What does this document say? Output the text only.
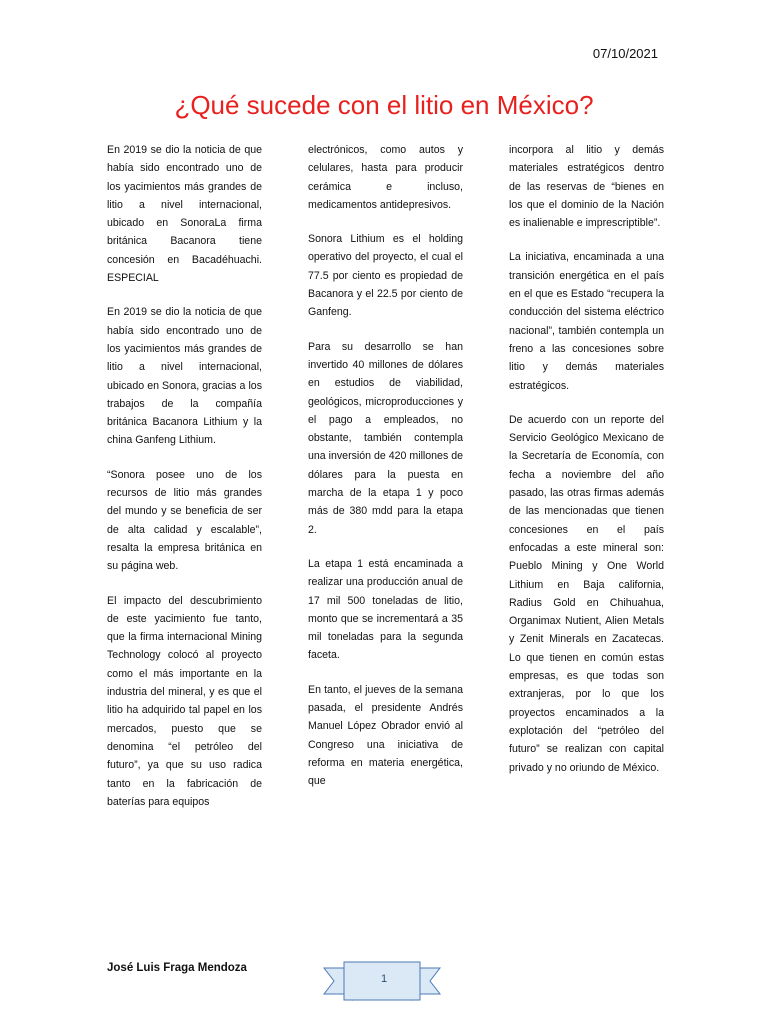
07/10/2021
¿Qué sucede con el litio en México?

En 2019 se dio la noticia de que había sido encontrado uno de los yacimientos más grandes de litio a nivel internacional, ubicado en SonoraLa firma británica Bacanora tiene concesión en Bacadéhuachi. ESPECIAL

En 2019 se dio la noticia de que había sido encontrado uno de los yacimientos más grandes de litio a nivel internacional, ubicado en Sonora, gracias a los trabajos de la compañía británica Bacanora Lithium y la china Ganfeng Lithium.

“Sonora posee uno de los recursos de litio más grandes del mundo y se beneficia de ser de alta calidad y escalable”, resalta la empresa británica en su página web.

El impacto del descubrimiento de este yacimiento fue tanto, que la firma internacional Mining Technology colocó al proyecto como el más importante en la industria del mineral, y es que el litio ha adquirido tal papel en los mercados, puesto que se denomina “el petróleo del futuro”, ya que su uso radica tanto en la fabricación de baterías para equipos

electrónicos, como autos y celulares, hasta para producir cerámica e incluso, medicamentos antidepresivos.

Sonora Lithium es el holding operativo del proyecto, el cual el 77.5 por ciento es propiedad de Bacanora y el 22.5 por ciento de Ganfeng.

Para su desarrollo se han invertido 40 millones de dólares en estudios de viabilidad, geológicos, microproducciones y el pago a empleados, no obstante, también contempla una inversión de 420 millones de dólares para la puesta en marcha de la etapa 1 y poco más de 380 mdd para la etapa 2.

La etapa 1 está encaminada a realizar una producción anual de 17 mil 500 toneladas de litio, monto que se incrementará a 35 mil toneladas para la segunda faceta.

En tanto, el jueves de la semana pasada, el presidente Andrés Manuel López Obrador envió al Congreso una iniciativa de reforma en materia energética, que

incorpora al litio y demás materiales estratégicos dentro de las reservas de “bienes en los que el dominio de la Nación es inalienable e imprescriptible”.

La iniciativa, encaminada a una transición energética en el país en el que es Estado “recupera la conducción del sistema eléctrico nacional”, también contempla un freno a las concesiones sobre litio y demás materiales estratégicos.

De acuerdo con un reporte del Servicio Geológico Mexicano de la Secretaría de Economía, con fecha a noviembre del año pasado, las otras firmas además de las mencionadas que tienen concesiones en el país enfocadas a este mineral son: Pueblo Mining y One World Lithium en Baja california, Radius Gold en Chihuahua, Organimax Nutient, Alien Metals y Zenit Minerals en Zacatecas. Lo que tienen en común estas empresas, es que todas son extranjeras, por lo que los proyectos encaminados a la explotación del “petróleo del futuro” se realizan con capital privado y no oriundo de México.

José Luis Fraga Mendoza
1
